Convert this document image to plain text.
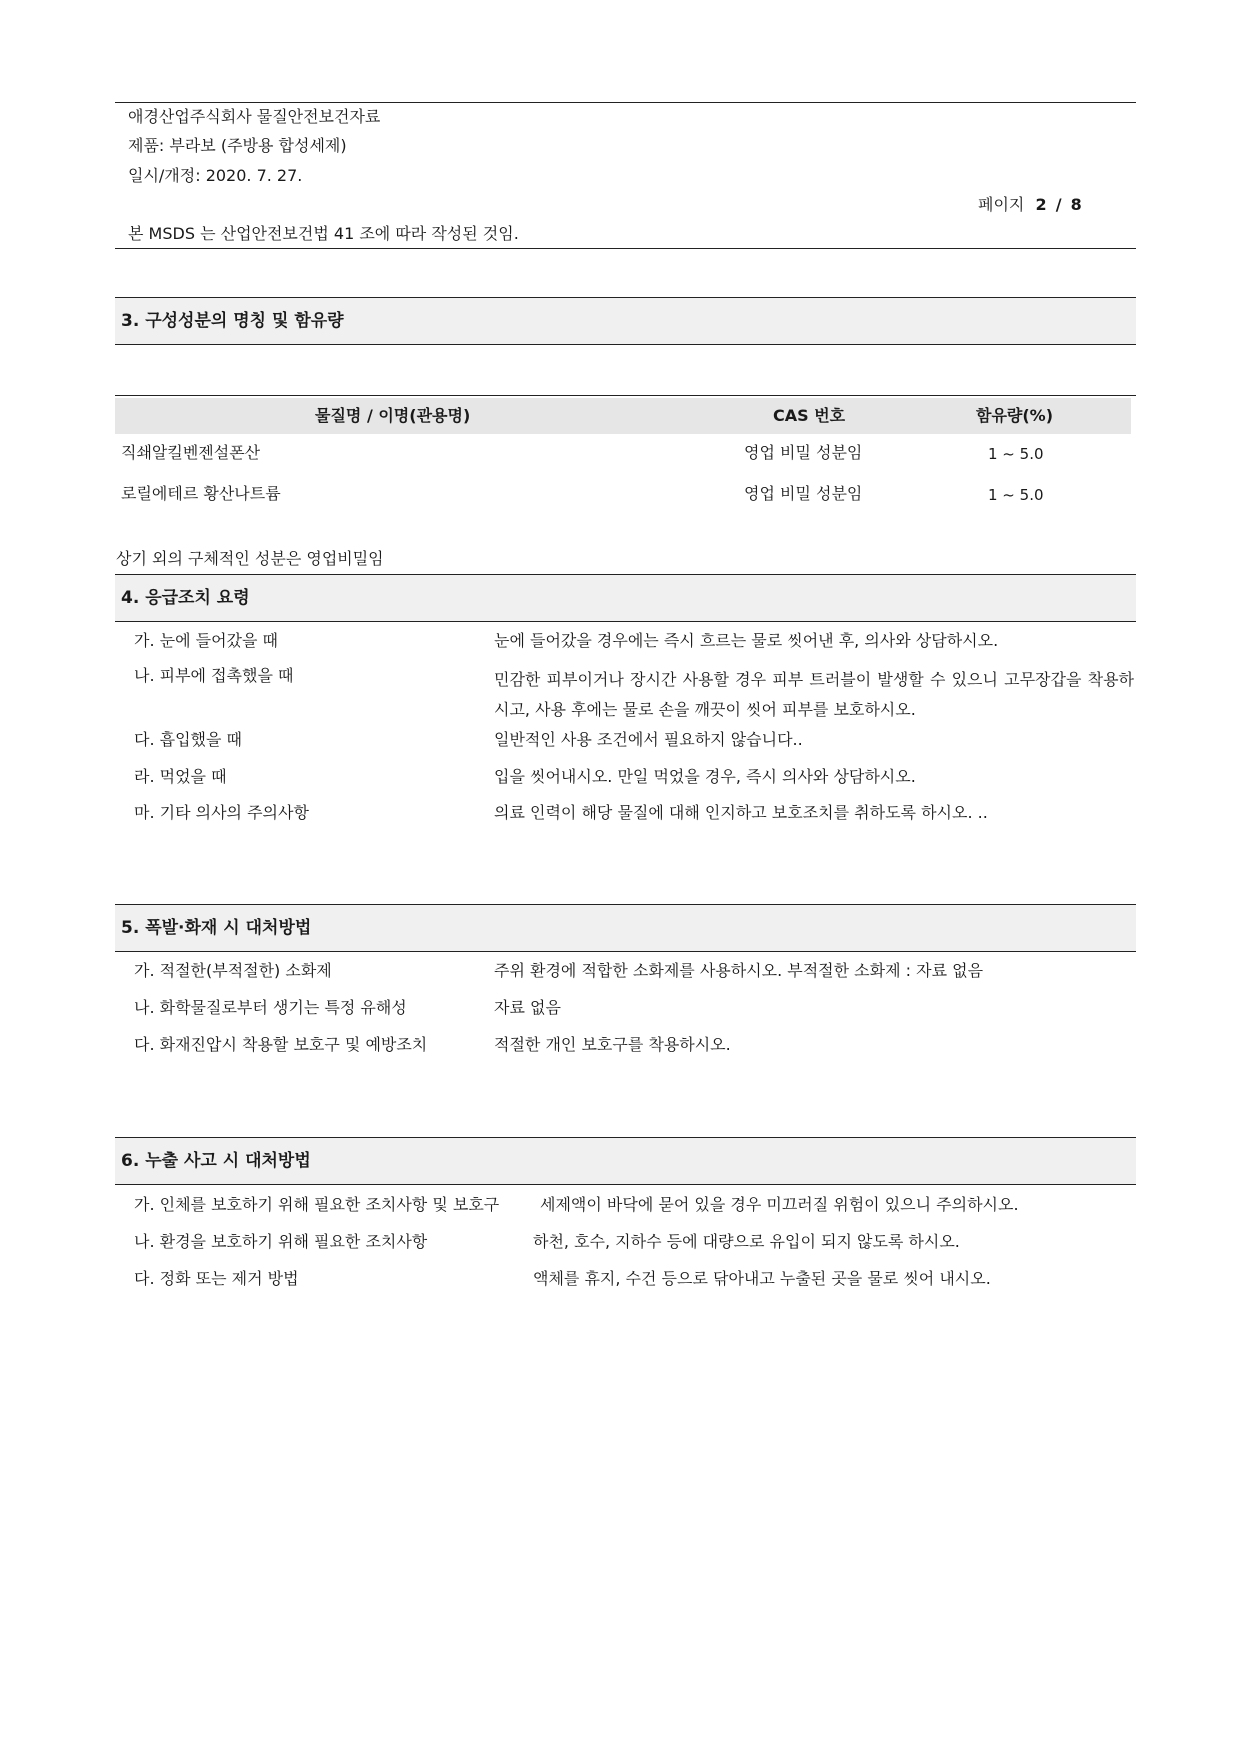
애경산업주식회사 물질안전보건자료
제품: 부라보 (주방용 합성세제)
일시/개정: 2020. 7. 27.
페이지 2 / 8
본 MSDS 는 산업안전보건법 41 조에 따라 작성된 것임.
3. 구성성분의 명칭 및 함유량
물질명 / 이명(관용명)	CAS 번호	함유량(%)
직쇄알킬벤젠설폰산	영업 비밀 성분임	1 ~ 5.0
로릴에테르 황산나트륨	영업 비밀 성분임	1 ~ 5.0
상기 외의 구체적인 성분은 영업비밀임
4. 응급조치 요령
가. 눈에 들어갔을 때	눈에 들어갔을 경우에는 즉시 흐르는 물로 씻어낸 후, 의사와 상담하시오.
나. 피부에 접촉했을 때	민감한 피부이거나 장시간 사용할 경우 피부 트러블이 발생할 수 있으니 고무장갑을 착용하시고, 사용 후에는 물로 손을 깨끗이 씻어 피부를 보호하시오.
다. 흡입했을 때	일반적인 사용 조건에서 필요하지 않습니다..
라. 먹었을 때	입을 씻어내시오. 만일 먹었을 경우, 즉시 의사와 상담하시오.
마. 기타 의사의 주의사항	의료 인력이 해당 물질에 대해 인지하고 보호조치를 취하도록 하시오. ..
5. 폭발·화재 시 대처방법
가. 적절한(부적절한) 소화제	주위 환경에 적합한 소화제를 사용하시오. 부적절한 소화제 : 자료 없음
나. 화학물질로부터 생기는 특정 유해성	자료 없음
다. 화재진압시 착용할 보호구 및 예방조치	적절한 개인 보호구를 착용하시오.
6. 누출 사고 시 대처방법
가. 인체를 보호하기 위해 필요한 조치사항 및 보호구	세제액이 바닥에 묻어 있을 경우 미끄러질 위험이 있으니 주의하시오.
나. 환경을 보호하기 위해 필요한 조치사항	하천, 호수, 지하수 등에 대량으로 유입이 되지 않도록 하시오.
다. 정화 또는 제거 방법	액체를 휴지, 수건 등으로 닦아내고 누출된 곳을 물로 씻어 내시오.
